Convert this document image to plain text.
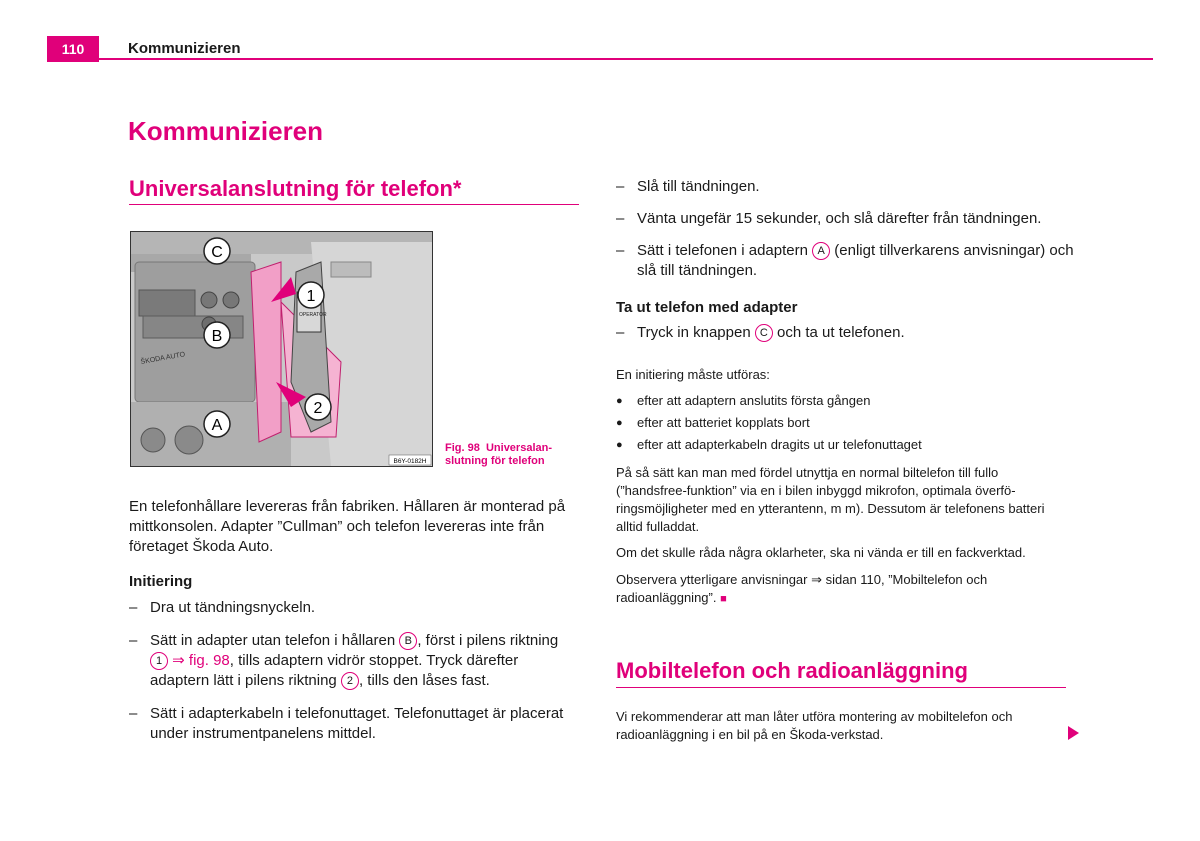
110	Kommunizieren
Kommunizieren
Universalanslutning för telefon*
ŠKODA AUTO
OPERATOR
C
1
B
2
A
B6Y-0182H
Fig. 98 Universalan-
slutning för telefon
En telefonhållare levereras från fabriken. Hållaren är monterad på mittkonsolen. Adapter ”Cullman” och telefon levereras inte från företaget Škoda Auto.
Initiering
– Dra ut tändningsnyckeln.
– Sätt in adapter utan telefon i hållaren B , först i pilens riktning 1 ⇒ fig. 98, tills adaptern vidrör stoppet. Tryck därefter adaptern lätt i pilens riktning 2 , tills den låses fast.
– Sätt i adapterkabeln i telefonuttaget. Telefonuttaget är placerat under instrumentpanelens mittdel.
– Slå till tändningen.
– Vänta ungefär 15 sekunder, och slå därefter från tändningen.
– Sätt i telefonen i adaptern A (enligt tillverkarens anvisningar) och slå till tändningen.
Ta ut telefon med adapter
– Tryck in knappen C och ta ut telefonen.
En initiering måste utföras:
●	efter att adaptern anslutits första gången
●	efter att batteriet kopplats bort
●	efter att adapterkabeln dragits ut ur telefonuttaget
På så sätt kan man med fördel utnyttja en normal biltelefon till fullo (”handsfree-funktion” via en i bilen inbyggd mikrofon, optimala överfö-ringsmöjligheter med en ytterantenn, m m). Dessutom är telefonens batteri alltid fulladdat.
Om det skulle råda några oklarheter, ska ni vända er till en fackverktad.
Observera ytterligare anvisningar ⇒ sidan 110, ”Mobiltelefon och radioanläggning”. ■
Mobiltelefon och radioanläggning
Vi rekommenderar att man låter utföra montering av mobiltelefon och radioanläggning i en bil på en Škoda-verkstad.
